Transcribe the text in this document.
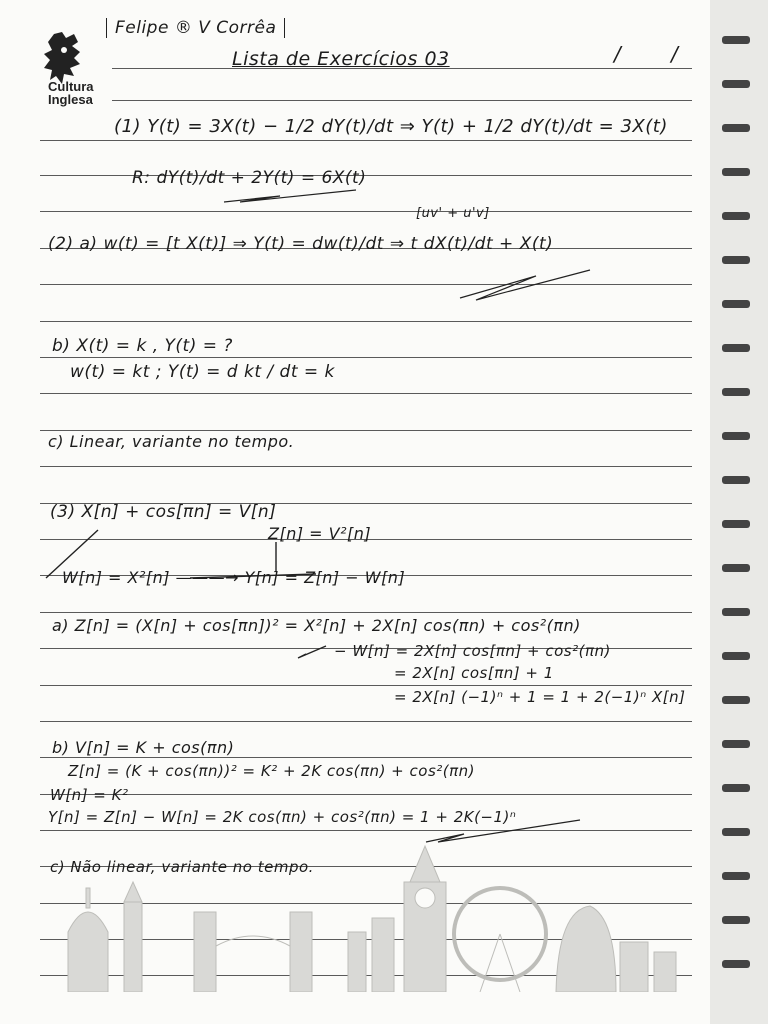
Cultura
Inglesa
Felipe ® V Corrêa
Lista de Exercícios 03	/ /
(1) Y(t) = 3X(t) − 1/2 dY(t)/dt ⇒ Y(t) + 1/2 dY(t)/dt = 3X(t)
R: dY(t)/dt + 2Y(t) = 6X(t)
[uv' + u'v]
(2) a) w(t) = [t X(t)] ⇒ Y(t) = dw(t)/dt ⇒ t dX(t)/dt + X(t)
b) X(t) = k , Y(t) = ?
w(t) = kt ; Y(t) = d kt / dt = k
c) Linear, variante no tempo.
(3) X[n] + cos[πn] = V[n]
Z[n] = V²[n]
W[n] = X²[n] ———→ Y[n] = Z[n] − W[n]
a) Z[n] = (X[n] + cos[πn])² = X²[n] + 2X[n] cos(πn) + cos²(πn)
− W[n] = 2X[n] cos[πn] + cos²(πn)
= 2X[n] cos[πn] + 1
= 2X[n] (−1)ⁿ + 1 = 1 + 2(−1)ⁿ X[n]
b) V[n] = K + cos(πn)
Z[n] = (K + cos(πn))² = K² + 2K cos(πn) + cos²(πn)
W[n] = K²
Y[n] = Z[n] − W[n] = 2K cos(πn) + cos²(πn) = 1 + 2K(−1)ⁿ
c) Não linear, variante no tempo.
